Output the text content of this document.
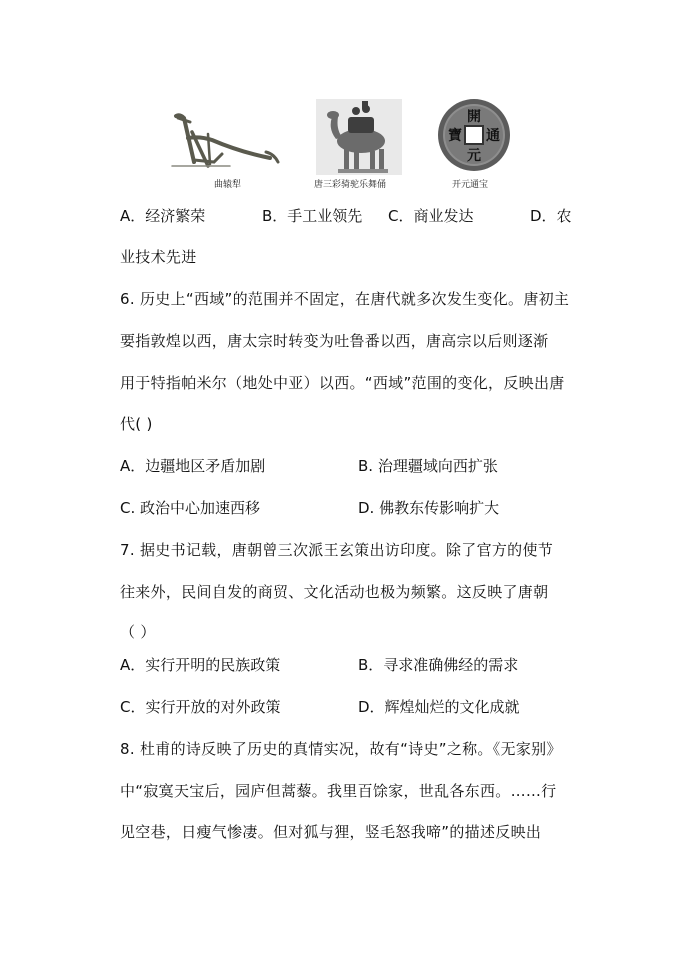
曲辕犁	唐三彩骑驼乐舞俑
開
元
通
寶
开元通宝
A．经济繁荣	B．手工业领先 C．商业发达	D．农
业技术先进
6. 历史上“西域”的范围并不固定，在唐代就多次发生变化。唐初主
要指敦煌以西，唐太宗时转变为吐鲁番以西，唐高宗以后则逐渐
用于特指帕米尔（地处中亚）以西。“西域”范围的变化，反映出唐
代( )
A．边疆地区矛盾加剧	B. 治理疆域向西扩张
C. 政治中心加速西移	D. 佛教东传影响扩大
7. 据史书记载，唐朝曾三次派王玄策出访印度。除了官方的使节
往来外，民间自发的商贸、文化活动也极为频繁。这反映了唐朝
（ ）
A．实行开明的民族政策	B．寻求准确佛经的需求
C．实行开放的对外政策	D．辉煌灿烂的文化成就
8. 杜甫的诗反映了历史的真情实况，故有“诗史”之称。《无家别》
中“寂寞天宝后，园庐但蒿藜。我里百馀家，世乱各东西。……行
见空巷，日瘦气惨凄。但对狐与狸，竖毛怒我啼”的描述反映出
